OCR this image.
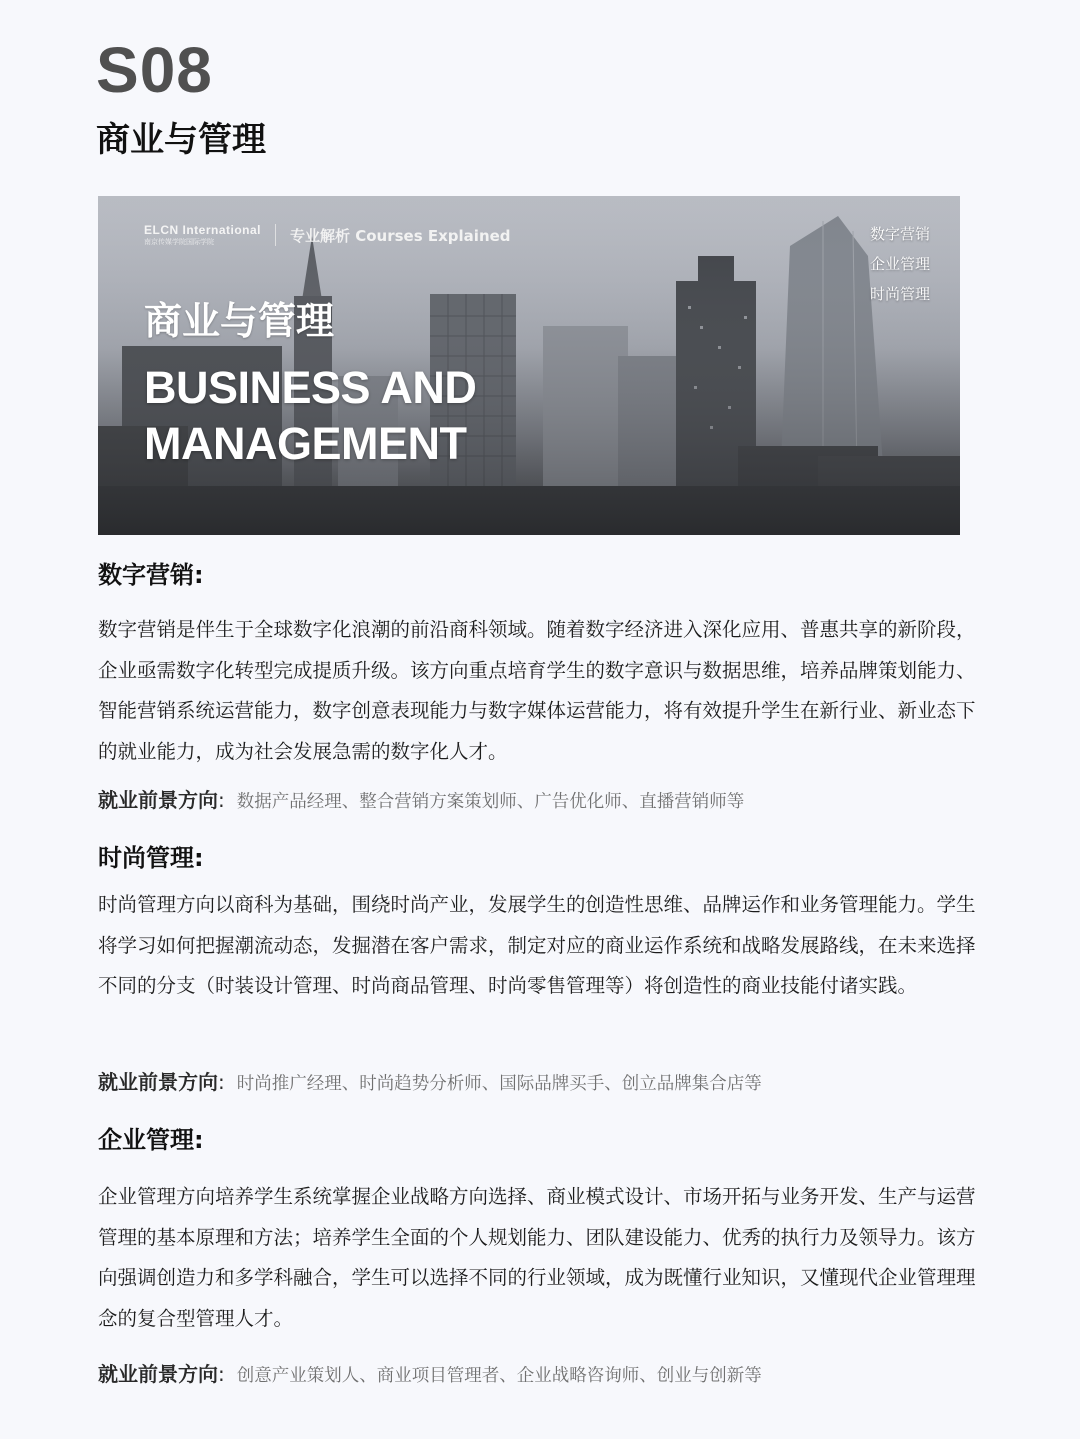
S08
商业与管理
ELCN International
南京传媒学院国际学院	专业解析 Courses Explained
商业与管理
BUSINESS AND
MANAGEMENT
数字营销
企业管理
时尚管理
数字营销:

数字营销是伴生于全球数字化浪潮的前沿商科领域。随着数字经济进入深化应用、普惠共享的新阶段，企业亟需数字化转型完成提质升级。该方向重点培育学生的数字意识与数据思维，培养品牌策划能力、智能营销系统运营能力，数字创意表现能力与数字媒体运营能力，将有效提升学生在新行业、新业态下的就业能力，成为社会发展急需的数字化人才。

就业前景方向 : 数据产品经理、整合营销方案策划师、广告优化师、直播营销师等
时尚管理:

时尚管理方向以商科为基础，围绕时尚产业，发展学生的创造性思维、品牌运作和业务管理能力。学生将学习如何把握潮流动态，发掘潜在客户需求，制定对应的商业运作系统和战略发展路线，在未来选择不同的分支（时装设计管理、时尚商品管理、时尚零售管理等）将创造性的商业技能付诸实践。

就业前景方向 : 时尚推广经理、时尚趋势分析师、国际品牌买手、创立品牌集合店等
企业管理:

企业管理方向培养学生系统掌握企业战略方向选择、商业模式设计、市场开拓与业务开发、生产与运营管理的基本原理和方法；培养学生全面的个人规划能力、团队建设能力、优秀的执行力及领导力。该方向强调创造力和多学科融合，学生可以选择不同的行业领域，成为既懂行业知识，又懂现代企业管理理念的复合型管理人才。

就业前景方向 : 创意产业策划人、商业项目管理者、企业战略咨询师、创业与创新等
